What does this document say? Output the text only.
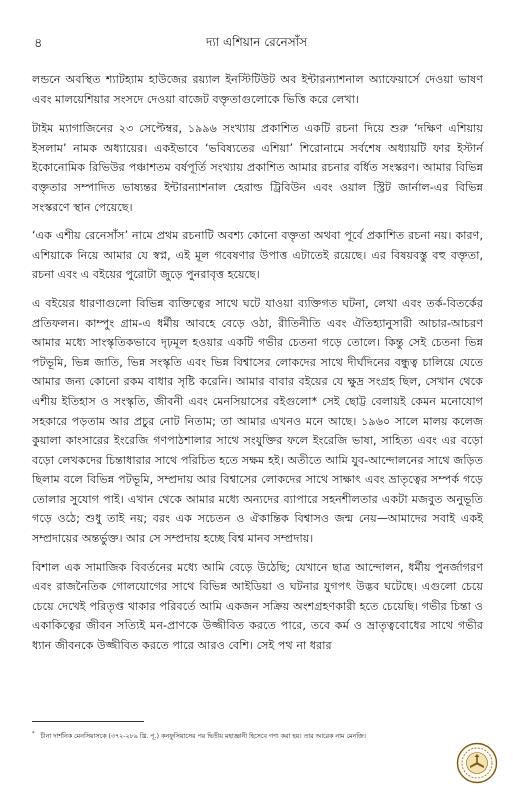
৪	দ্যা এশিয়ান রেনেসাঁস

লন্ডনে অবস্থিত শ্যাটহ্যাম হাউজের রয়্যাল ইনস্টিটিউট অব ইন্টারন্যাশনাল অ্যাফেয়ার্সে দেওয়া ভাষণ এবং মালয়েশিয়ার সংসদে দেওয়া বাজেট বক্তৃতাগুলোকে ভিত্তি করে লেখা।

টাইম ম্যাগাজিনের ২৩ সেপ্টেম্বর, ১৯৯৬ সংখ্যায় প্রকাশিত একটি রচনা দিয়ে শুরু ‘দক্ষিণ এশিয়ায় ইসলাম’ নামক অধ্যায়ের। একইভাবে ‘ভবিষ্যতের এশিয়া’ শিরোনামে সর্বশেষ অধ্যায়টি ফার ইস্টার্ন ইকোনোমিক রিভিউর পঞ্চাশতম বর্ষপূর্তি সংখ্যায় প্রকাশিত আমার রচনার বর্ধিত সংস্করণ। আমার বিভিন্ন বক্তৃতার সম্পাদিত ভাষ্যন্তর ইন্টারন্যাশনাল হেরাল্ড ট্রিবিউন এবং ওয়াল স্ট্রিট জার্নাল-এর বিভিন্ন সংস্করণে স্থান পেয়েছে।

‘এক এশীয় রেনেসাঁস’ নামে প্রথম রচনাটি অবশ্য কোনো বক্তৃতা অথবা পূর্বে প্রকাশিত রচনা নয়। কারণ, এশিয়াকে নিয়ে আমার যে স্বপ্ন, এই মূল গবেষণার উপাত্ত এটাতেই রয়েছে। এর বিষয়বস্তু বহু বক্তৃতা, রচনা এবং এ বইয়ের পুরোটা জুড়ে পুনরাবৃত্ত হয়েছে।

এ বইয়ের ধারণাগুলো বিভিন্ন ব্যক্তিত্বের সাথে ঘটে যাওয়া ব্যক্তিগত ঘটনা, লেখা এবং তর্ক-বিতর্কের প্রতিফলন। কাম্পুং গ্রাম-এ ধর্মীয় আবহে বেড়ে ওঠা, রীতিনীতি এবং ঐতিহ্যানুসারী আচার-আচরণ আমার মধ্যে সাংস্কৃতিকভাবে দৃঢ়মূল হওয়ার একটি গভীর চেতনা গড়ে তোলে। কিন্তু সেই চেতনা ভিন্ন পটভূমি, ভিন্ন জাতি, ভিন্ন সংস্কৃতি এবং ভিন্ন বিশ্বাসের লোকদের সাথে দীর্ঘদিনের বন্ধুত্ব চালিয়ে যেতে আমার জন্য কোনো রকম বাধার সৃষ্টি করেনি। আমার বাবার বইয়ের যে ক্ষুদ্র সংগ্রহ ছিল, সেখান থেকে এশীয় ইতিহাস ও সংস্কৃতি, জীবনী এবং মেনসিয়াসের বইগুলো* সেই ছোট্ট বেলায়ই কেমন মনোযোগ সহকারে পড়তাম আর প্রচুর নোট নিতাম; তা আমার এখনও মনে আছে। ১৯৬০ সালে মালয় কলেজ কুয়ালা কাংসারের ইংরেজি গণপাঠশালার সাথে সংযুক্তির ফলে ইংরেজি ভাষা, সাহিত্য এবং এর বড়ো বড়ো লেখকদের চিন্তাধারার সাথে পরিচিত হতে সক্ষম হই। অতীতে আমি যুব-আন্দোলনের সাথে জড়িত ছিলাম বলে বিভিন্ন পটভূমি, সম্প্রদায় আর বিশ্বাসের লোকদের সাথে সাক্ষাৎ এবং ভ্রাতৃত্বের সম্পর্ক গড়ে তোলার সুযোগ পাই। এখান থেকে আমার মধ্যে অন্যদের ব্যাপারে সহনশীলতার একটা মজবুত অনুভূতি গড়ে ওঠে; শুধু তাই নয়; বরং এক সচেতন ও ঐকান্তিক বিশ্বাসও জন্ম নেয়—আমাদের সবাই একই সম্প্রদায়ের অন্তর্ভুক্ত। আর সে সম্প্রদায় হচ্ছে বিশ্ব মানব সম্প্রদায়।

বিশাল এক সামাজিক বিবর্তনের মধ্যে আমি বেড়ে উঠেছি; যেখানে ছাত্র আন্দোলন, ধর্মীয় পুনর্জাগরণ এবং রাজনৈতিক গোলযোগের সাথে বিভিন্ন আইডিয়া ও ঘটনার যুগপৎ উদ্ভব ঘটেছে। এগুলো চেয়ে চেয়ে দেখেই পরিতৃপ্ত থাকার পরিবর্তে আমি একজন সক্রিয় অংশগ্রহণকারী হতে চেয়েছি। গভীর চিন্তা ও একাকিত্বের জীবন সত্যিই মন-প্রাণকে উজ্জীবিত করতে পারে, তবে কর্ম ও ভ্রাতৃত্ববোধের সাথে গভীর ধ্যান জীবনকে উজ্জীবিত করতে পারে আরও বেশি। সেই পথ না ধরার

* চীনা দার্শনিক মেনসিয়াসকে (৩৭২-২৮৯ খ্রি. পূ.) কনফুসিয়াসের পর দ্বিতীয় মহাজ্ঞানী হিসেবে গণ্য করা হয়। তার আরেক নাম মেনজি।
